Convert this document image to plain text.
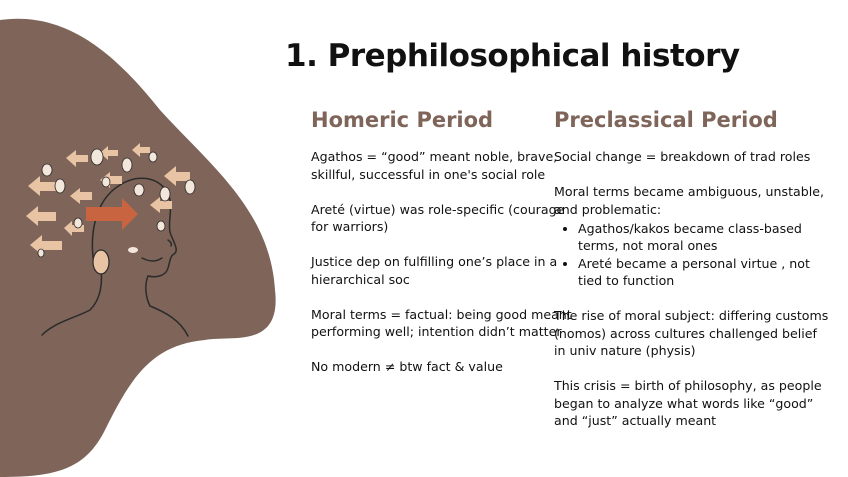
1. Prephilosophical history
Homeric Period

Agathos = “good” meant noble, brave, skillful, successful in one's social role

Areté (virtue) was role-specific (courage for warriors)

Justice dep on fulfilling one’s place in a hierarchical soc

Moral terms = factual: being good meant performing well; intention didn’t matter

No modern ≠ btw fact & value

Preclassical Period

Social change = breakdown of trad roles

Moral terms became ambiguous, unstable, and problematic:

• Agathos/kakos became class-based terms, not moral ones
• Areté became a personal virtue , not tied to function

The rise of moral subject: differing customs (nomos) across cultures challenged belief in univ nature (physis)

This crisis = birth of philosophy, as people began to analyze what words like “good” and “just” actually meant
